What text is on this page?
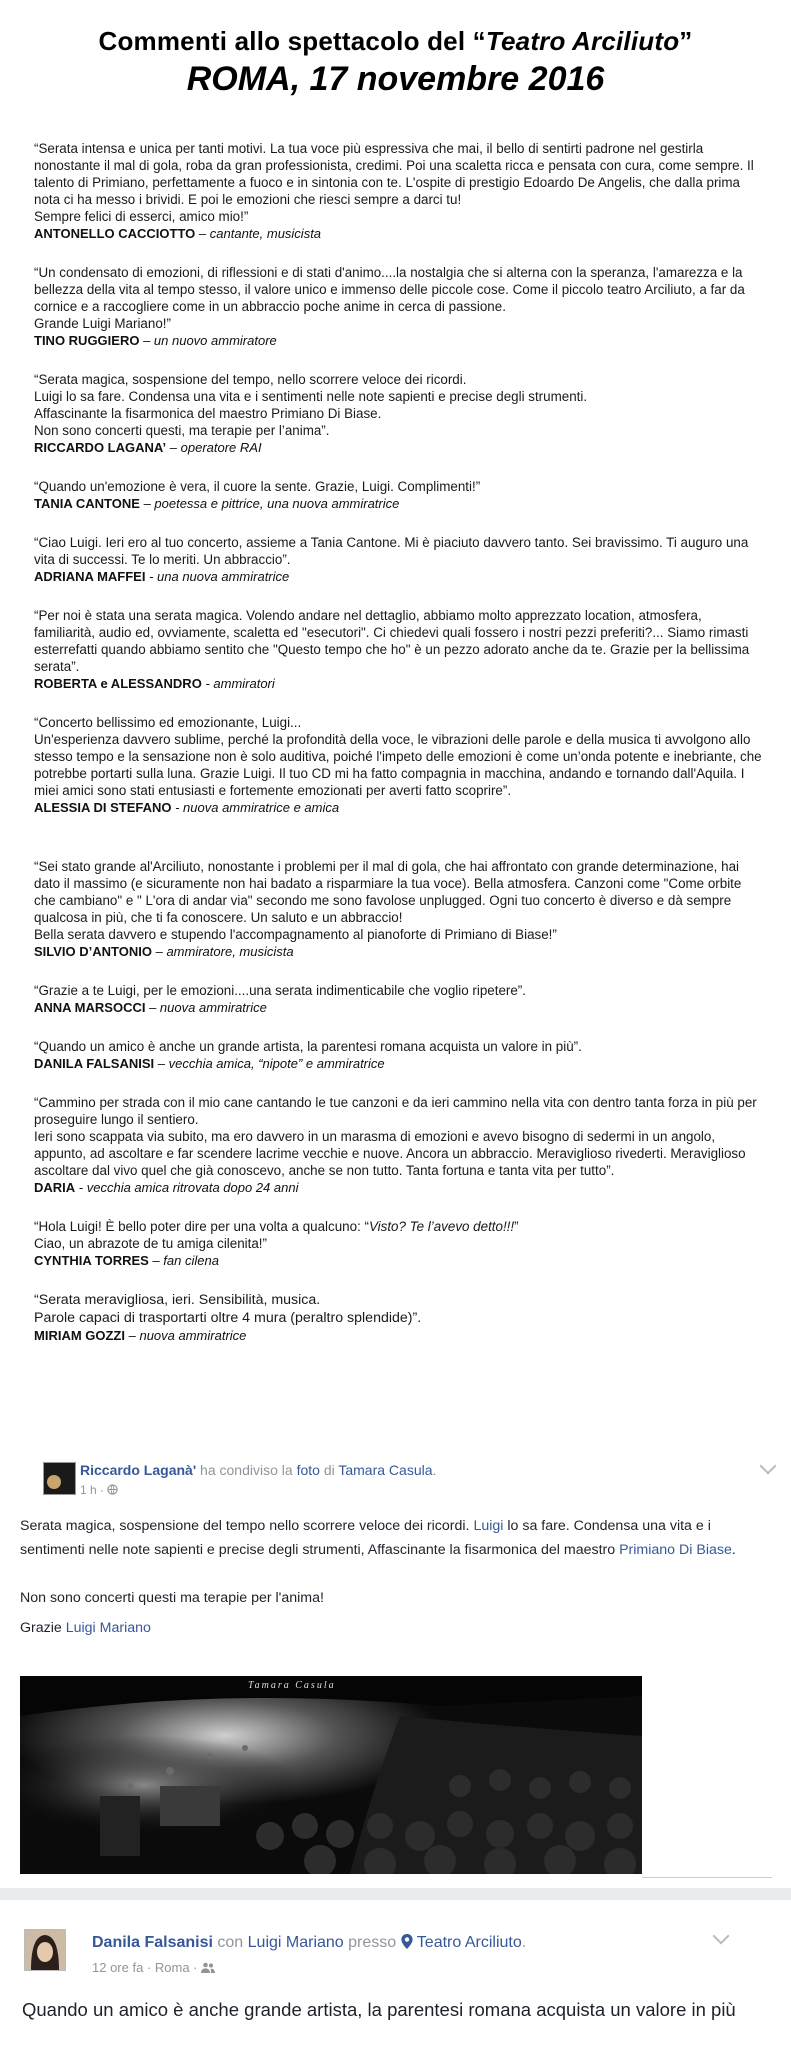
Commenti allo spettacolo del “Teatro Arciliuto”
ROMA, 17 novembre 2016

“Serata intensa e unica per tanti motivi. La tua voce più espressiva che mai, il bello di sentirti padrone nel gestirla nonostante il mal di gola, roba da gran professionista, credimi. Poi una scaletta ricca e pensata con cura, come sempre. Il talento di Primiano, perfettamente a fuoco e in sintonia con te. L'ospite di prestigio Edoardo De Angelis, che dalla prima nota ci ha messo i brividi. E poi le emozioni che riesci sempre a darci tu!
Sempre felici di esserci, amico mio!”

ANTONELLO CACCIOTTO – cantante, musicista

“Un condensato di emozioni, di riflessioni e di stati d'animo....la nostalgia che si alterna con la speranza, l'amarezza e la bellezza della vita al tempo stesso, il valore unico e immenso delle piccole cose. Come il piccolo teatro Arciliuto, a far da cornice e a raccogliere come in un abbraccio poche anime in cerca di passione.
Grande Luigi Mariano!”

TINO RUGGIERO – un nuovo ammiratore

“Serata magica, sospensione del tempo, nello scorrere veloce dei ricordi.
Luigi lo sa fare. Condensa una vita e i sentimenti nelle note sapienti e precise degli strumenti.
Affascinante la fisarmonica del maestro Primiano Di Biase.
Non sono concerti questi, ma terapie per l’anima”.

RICCARDO LAGANA’ – operatore RAI

“Quando un'emozione è vera, il cuore la sente. Grazie, Luigi. Complimenti!”

TANIA CANTONE – poetessa e pittrice, una nuova ammiratrice

“Ciao Luigi. Ieri ero al tuo concerto, assieme a Tania Cantone. Mi è piaciuto davvero tanto. Sei bravissimo. Ti auguro una vita di successi. Te lo meriti. Un abbraccio”.

ADRIANA MAFFEI - una nuova ammiratrice

“Per noi è stata una serata magica. Volendo andare nel dettaglio, abbiamo molto apprezzato location, atmosfera, familiarità, audio ed, ovviamente, scaletta ed "esecutori". Ci chiedevi quali fossero i nostri pezzi preferiti?... Siamo rimasti esterrefatti quando abbiamo sentito che "Questo tempo che ho" è un pezzo adorato anche da te. Grazie per la bellissima serata”.

ROBERTA e ALESSANDRO - ammiratori

“Concerto bellissimo ed emozionante, Luigi...
Un'esperienza davvero sublime, perché la profondità della voce, le vibrazioni delle parole e della musica ti avvolgono allo stesso tempo e la sensazione non è solo auditiva, poiché l'impeto delle emozioni è come un’onda potente e inebriante, che potrebbe portarti sulla luna. Grazie Luigi. Il tuo CD mi ha fatto compagnia in macchina, andando e tornando dall'Aquila. I miei amici sono stati entusiasti e fortemente emozionati per averti fatto scoprire”.

ALESSIA DI STEFANO - nuova ammiratrice e amica

“Sei stato grande al'Arciliuto, nonostante i problemi per il mal di gola, che hai affrontato con grande determinazione, hai dato il massimo (e sicuramente non hai badato a risparmiare la tua voce). Bella atmosfera. Canzoni come "Come orbite che cambiano" e " L'ora di andar via" secondo me sono favolose unplugged. Ogni tuo concerto è diverso e dà sempre qualcosa in più, che ti fa conoscere. Un saluto e un abbraccio!
Bella serata davvero e stupendo l'accompagnamento al pianoforte di Primiano di Biase!”

SILVIO D’ANTONIO – ammiratore, musicista

“Grazie a te Luigi, per le emozioni....una serata indimenticabile che voglio ripetere”.

ANNA MARSOCCI – nuova ammiratrice

“Quando un amico è anche un grande artista, la parentesi romana acquista un valore in più”.

DANILA FALSANISI – vecchia amica, “nipote” e ammiratrice

“Cammino per strada con il mio cane cantando le tue canzoni e da ieri cammino nella vita con dentro tanta forza in più per proseguire lungo il sentiero.
Ieri sono scappata via subito, ma ero davvero in un marasma di emozioni e avevo bisogno di sedermi in un angolo, appunto, ad ascoltare e far scendere lacrime vecchie e nuove. Ancora un abbraccio. Meraviglioso rivederti. Meraviglioso ascoltare dal vivo quel che già conoscevo, anche se non tutto. Tanta fortuna e tanta vita per tutto”.

DARIA - vecchia amica ritrovata dopo 24 anni

“Hola Luigi! È bello poter dire per una volta a qualcuno: “Visto? Te l’avevo detto!!!”
Ciao, un abrazote de tu amiga cilenita!”

CYNTHIA TORRES – fan cilena

“Serata meravigliosa, ieri. Sensibilità, musica.
Parole capaci di trasportarti oltre 4 mura (peraltro splendide)”.

MIRIAM GOZZI – nuova ammiratrice
Riccardo Laganà' ha condiviso la foto di Tamara Casula.
1 h ·
Serata magica, sospensione del tempo nello scorrere veloce dei ricordi. Luigi lo sa fare. Condensa una vita e i sentimenti nelle note sapienti e precise degli strumenti, Affascinante la fisarmonica del maestro Primiano Di Biase.
Non sono concerti questi ma terapie per l'anima!
Grazie Luigi Mariano
Tamara Casula
Danila Falsanisi con Luigi Mariano presso Teatro Arciliuto.
12 ore fa · Roma ·
Quando un amico è anche grande artista, la parentesi romana acquista un valore in più
